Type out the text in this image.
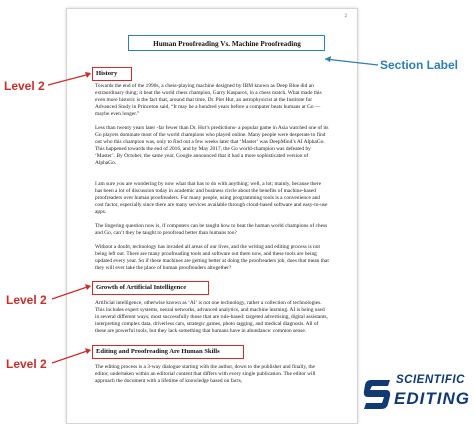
2
Human Proofreading Vs. Machine Proofreading
History
Towards the end of the 1990s, a chess-playing machine designed by IBM known as Deep Blue did an extraordinary thing; it beat the world chess champion, Garry Kasparov, in a chess match. What made this even more historic is the fact that, around that time, Dr. Piet Hut, an astrophysicist at the Institute for Advanced Study in Princeton said, “It may be a hundred years before a computer beats humans at Go — maybe even longer.”
Less than twenty years later -far fewer than Dr. Hut’s predictions- a popular game in Asia watched one of its Go players dominate most of the world champions who played online. Many people were desperate to find out who this champion was, only to find out a few weeks later that ‘Master’ was DeepMind’s AI AlphaGo. This happened towards the end of 2016, and by May 2017, the Go world-champion was defeated by ‘Master’. By October, the same year, Google announced that it had a more sophisticated version of AlphaGo.
I am sure you are wondering by now what that has to do with anything; well, a lot; mainly, because there has been a lot of discussion today in academic and business circle about the benefits of machine-based proofreaders over human proofreaders. For many people, using programming tools is a convenience and cost factor, especially since there are many services available through cloud-based software and easy-to-use apps.
The lingering question now is, if computers can be taught how to beat the human world champions of chess and Go, can’t they be taught to proofread better than humans too?
Without a doubt, technology has invaded all areas of our lives, and the writing and editing process is not being left out. There are many proofreading tools and software out there now, and these tools are being updated every year. So if these machines are getting better at doing the proofreaders job, does that mean that they will ever take the place of human proofreaders altogether?
Growth of Artificial Intelligence
Artificial intelligence, otherwise known as ‘AI’ is not one technology, rather a collection of technologies. This includes expert systems, neural networks, advanced analytics, and machine learning. AI is being used in several different ways; most successfully those that are rule-based: targeted advertising, digital assistants, interpreting complex data, driverless cars, strategic games, photo tagging, and medical diagnosis. All of these are powerful tools, but they lack something that humans have in abundance: common sense.
Editing and Proofreading Are Human Skills
The editing process is a 3-way dialogue starting with the author, down to the publisher and finally, the editor, undertaken within an editorial content that differs with every single publication. The editor will approach the document with a lifetime of knowledge based on facts,
Section Label
Level 2
Level 2
Level 2
SCIENTIFIC
EDITING
